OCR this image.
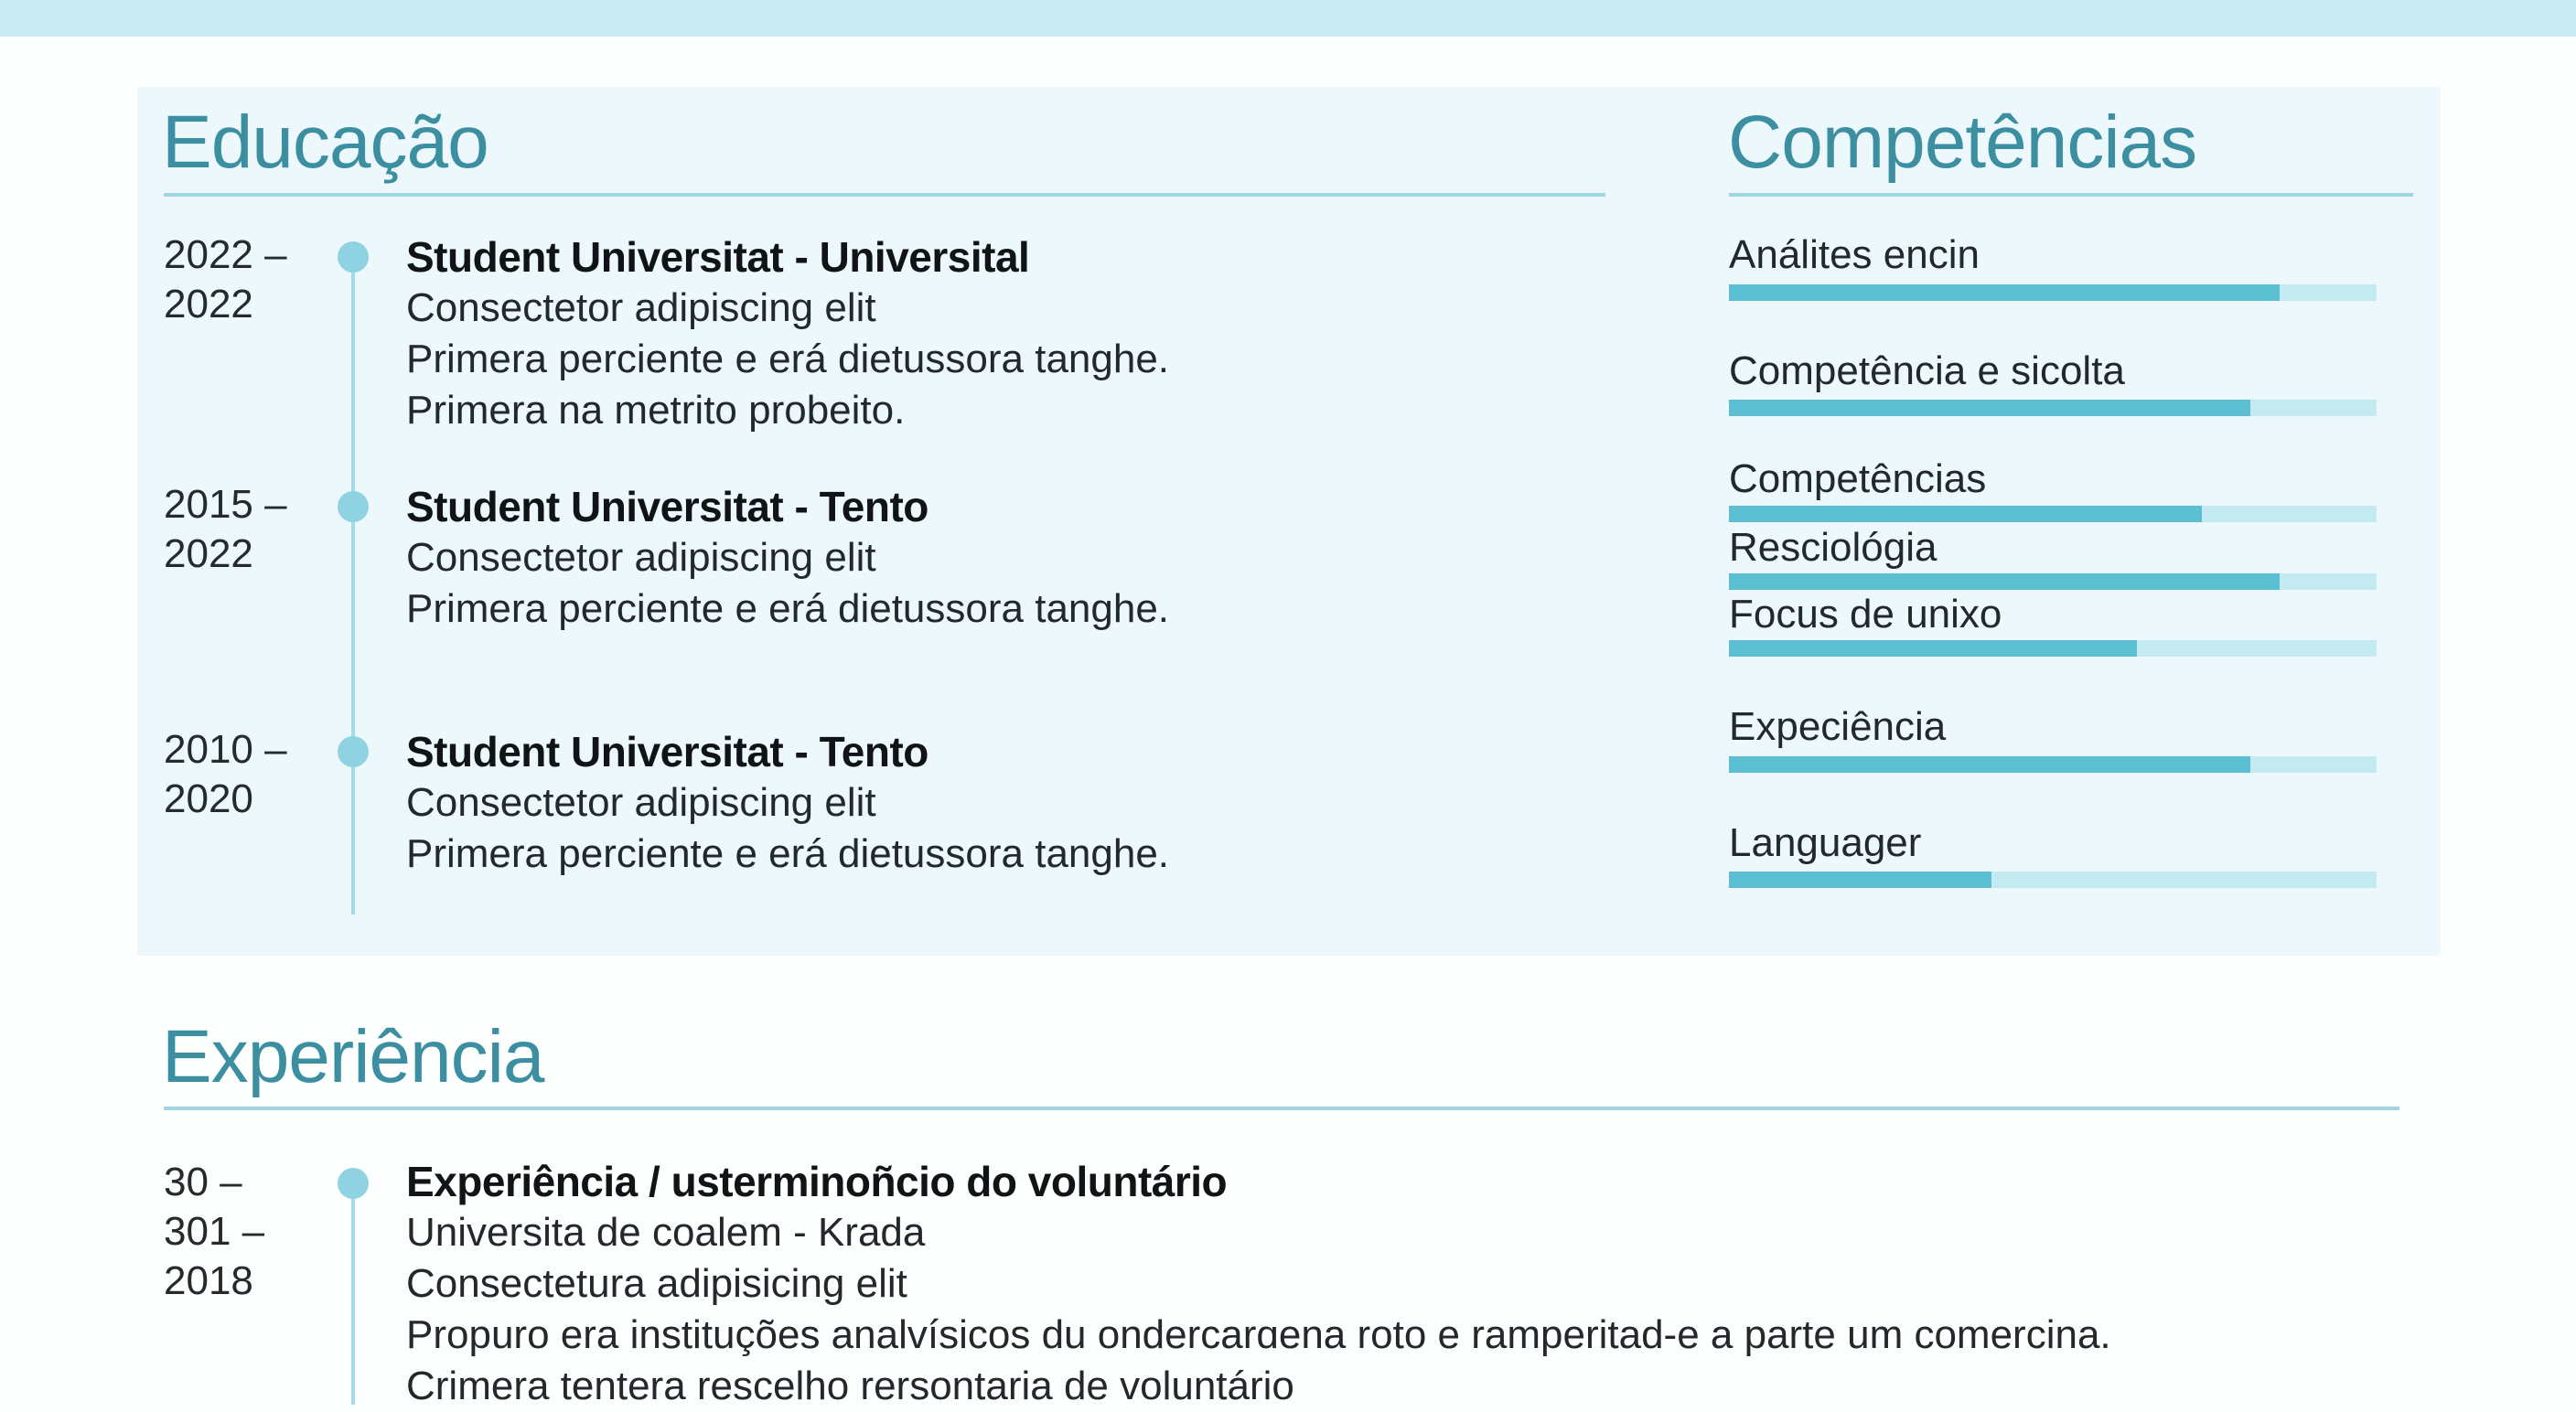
Educação
2022 –
2022
Student Universitat - Universital
Consectetor adipiscing elit
Primera perciente e erá dietussora tanghe.
Primera na metrito probeito.
2015 –
2022
Student Universitat - Tento
Consectetor adipiscing elit
Primera perciente e erá dietussora tanghe.
2010 –
2020
Student Universitat - Tento
Consectetor adipiscing elit
Primera perciente e erá dietussora tanghe.
Competências
Análites encin
Competência e sicolta
Competências
Resciológia
Focus de unixo
Expeciência
Languager
Experiência
30 –
301 –
2018
Experiência / usterminoñcio do voluntário
Universita de coalem - Krada
Consectetura adipisicing elit
Propuro era instituções analvísicos du ondercarɑena roto e ramperitad-e a parte um comercina.
Crimera tentera rescelho rersontaria de voluntário
